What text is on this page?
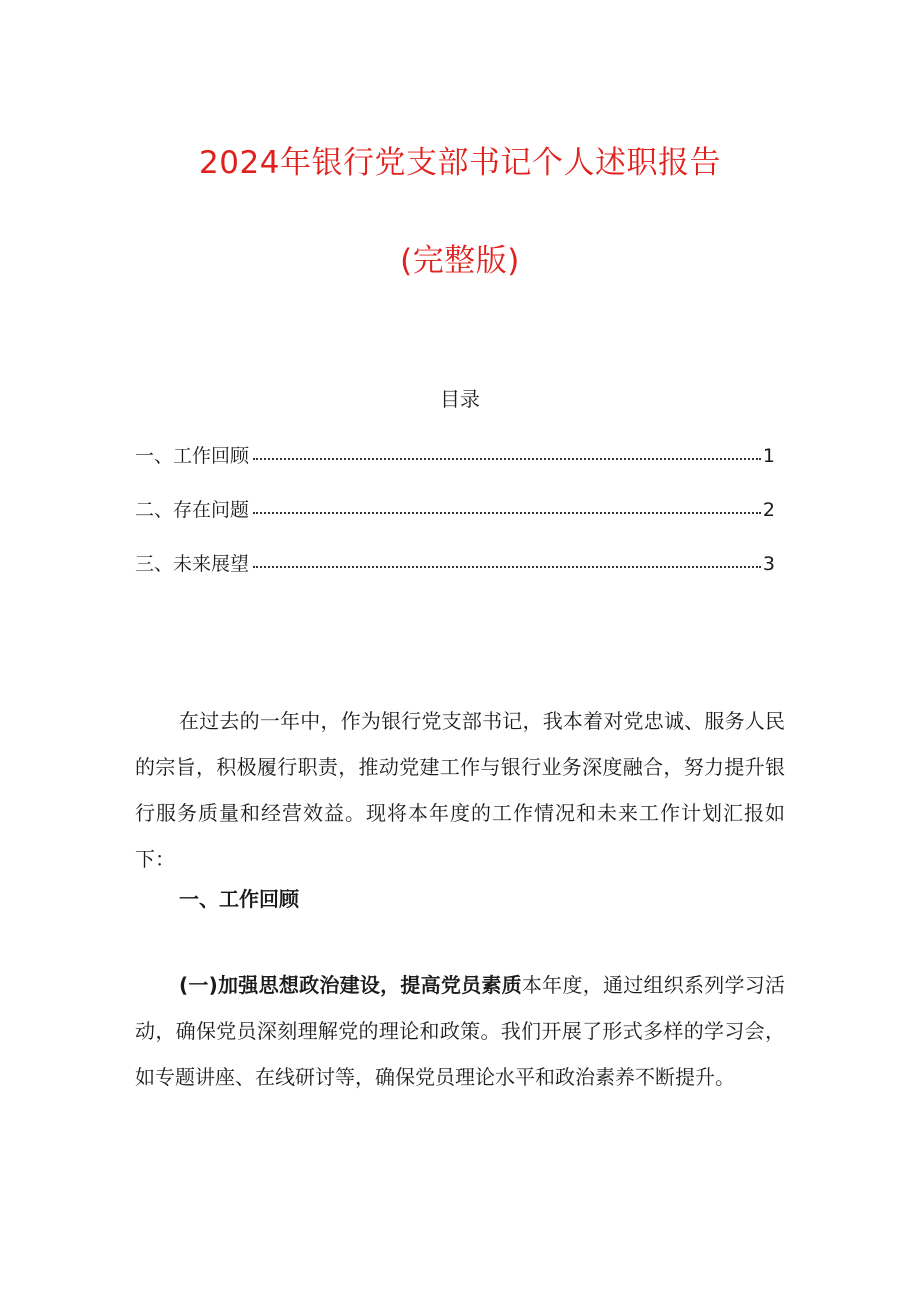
2024年银行党支部书记个人述职报告
(完整版)
目录
一、工作回顾	1
二、存在问题	2
三、未来展望	3

在过去的一年中，作为银行党支部书记，我本着对党忠诚、服务人民的宗旨，积极履行职责，推动党建工作与银行业务深度融合，努力提升银行服务质量和经营效益。现将本年度的工作情况和未来工作计划汇报如下：

一、工作回顾

(一)加强思想政治建设，提高党员素质本年度，通过组织系列学习活动，确保党员深刻理解党的理论和政策。我们开展了形式多样的学习会，如专题讲座、在线研讨等，确保党员理论水平和政治素养不断提升。
